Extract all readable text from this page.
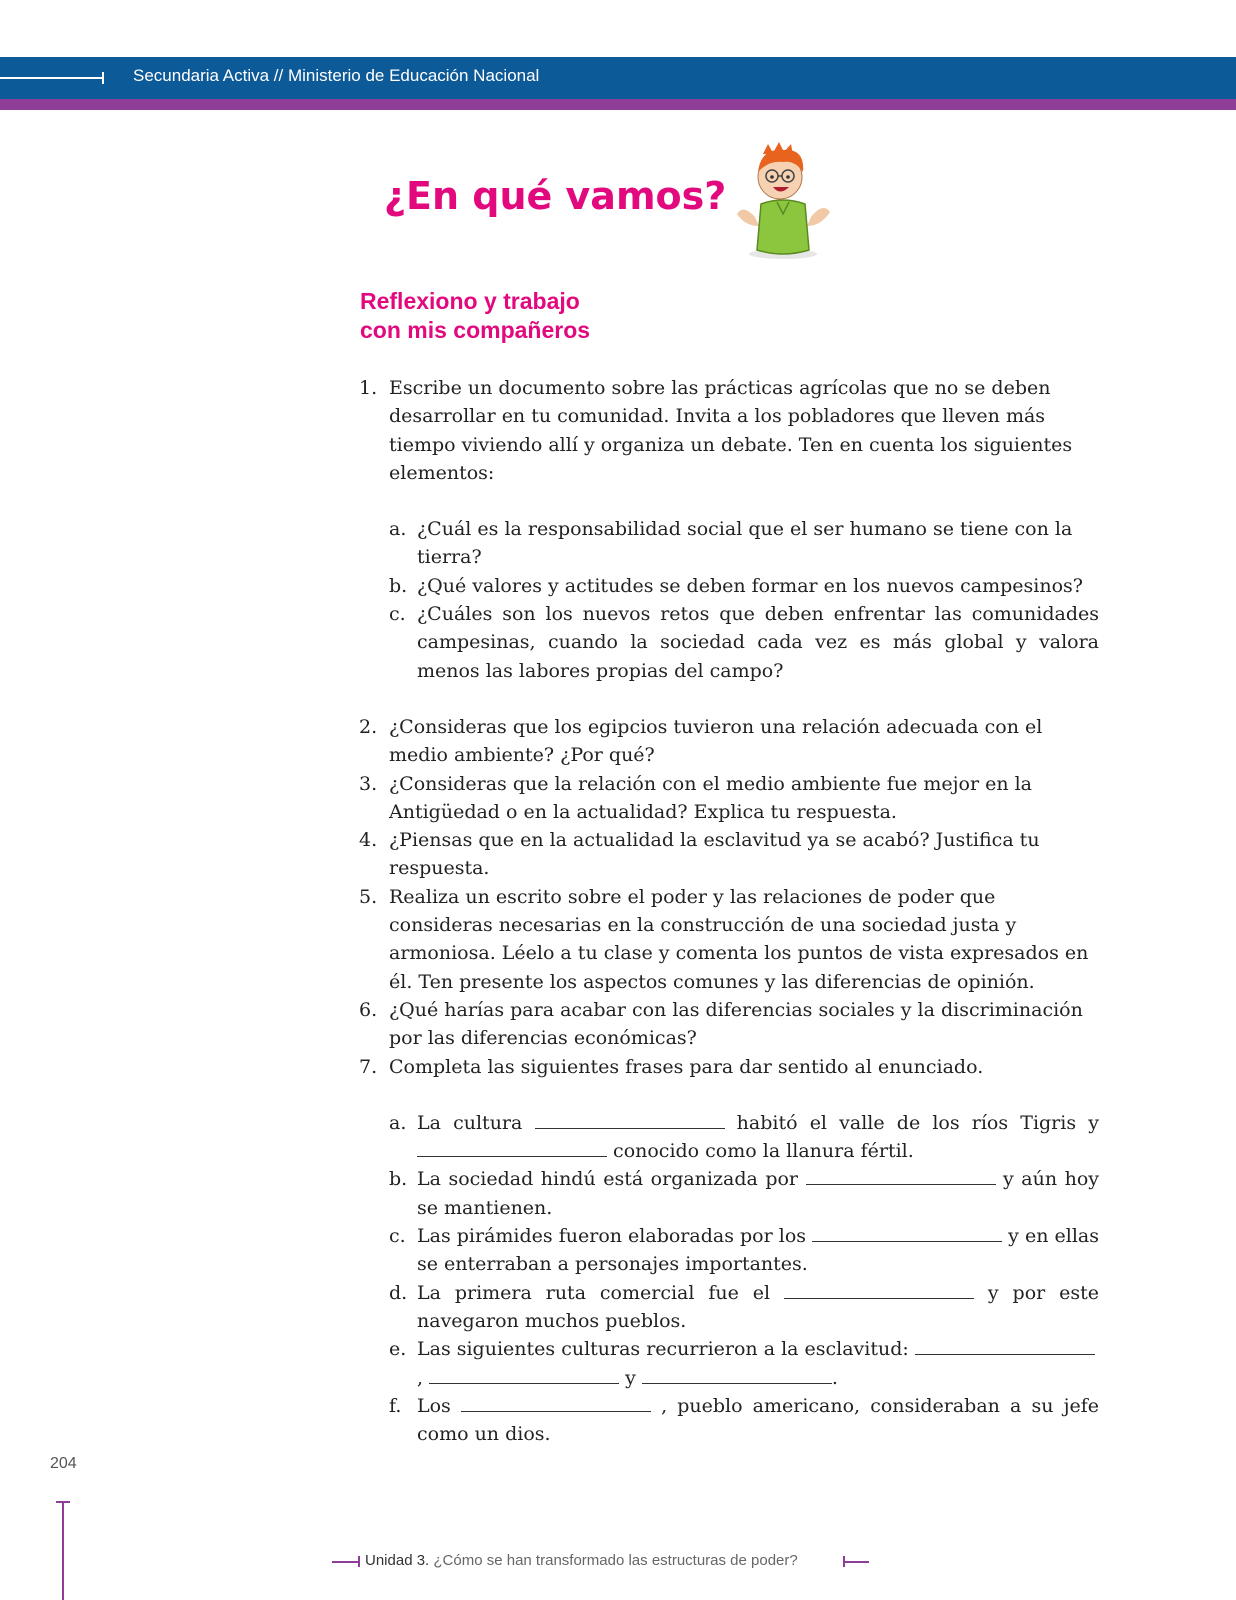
Secundaria Activa // Ministerio de Educación Nacional
¿En qué vamos?
Reflexiono y trabajo
con mis compañeros
1. Escribe un documento sobre las prácticas agrícolas que no se deben desarrollar en tu comunidad. Invita a los pobladores que lleven más tiempo viviendo allí y organiza un debate. Ten en cuenta los siguientes elementos:
a. ¿Cuál es la responsabilidad social que el ser humano se tiene con la tierra?
b. ¿Qué valores y actitudes se deben formar en los nuevos campesinos?
c. ¿Cuáles son los nuevos retos que deben enfrentar las comunidades campesinas, cuando la sociedad cada vez es más global y valora menos las labores propias del campo?
2. ¿Consideras que los egipcios tuvieron una relación adecuada con el medio ambiente? ¿Por qué?
3. ¿Consideras que la relación con el medio ambiente fue mejor en la Antigüedad o en la actualidad? Explica tu respuesta.
4. ¿Piensas que en la actualidad la esclavitud ya se acabó? Justifica tu respuesta.
5. Realiza un escrito sobre el poder y las relaciones de poder que consideras necesarias en la construcción de una sociedad justa y armoniosa. Léelo a tu clase y comenta los puntos de vista expresados en él. Ten presente los aspectos comunes y las diferencias de opinión.
6. ¿Qué harías para acabar con las diferencias sociales y la discriminación por las diferencias económicas?
7. Completa las siguientes frases para dar sentido al enunciado.
a. La cultura	habitó el valle de los ríos Tigris y  conocido como la llanura fértil.
b. La sociedad hindú está organizada por	y aún hoy se mantienen.
c. Las pirámides fueron elaboradas por los	y en ellas se enterraban a personajes importantes.
d. La primera ruta comercial fue el	y por este navegaron muchos pueblos.
e. Las siguientes culturas recurrieron a la esclavitud: ,	y	.
f. Los	, pueblo americano, consideraban a su jefe como un dios.
204
Unidad 3. ¿Cómo se han transformado las estructuras de poder?
